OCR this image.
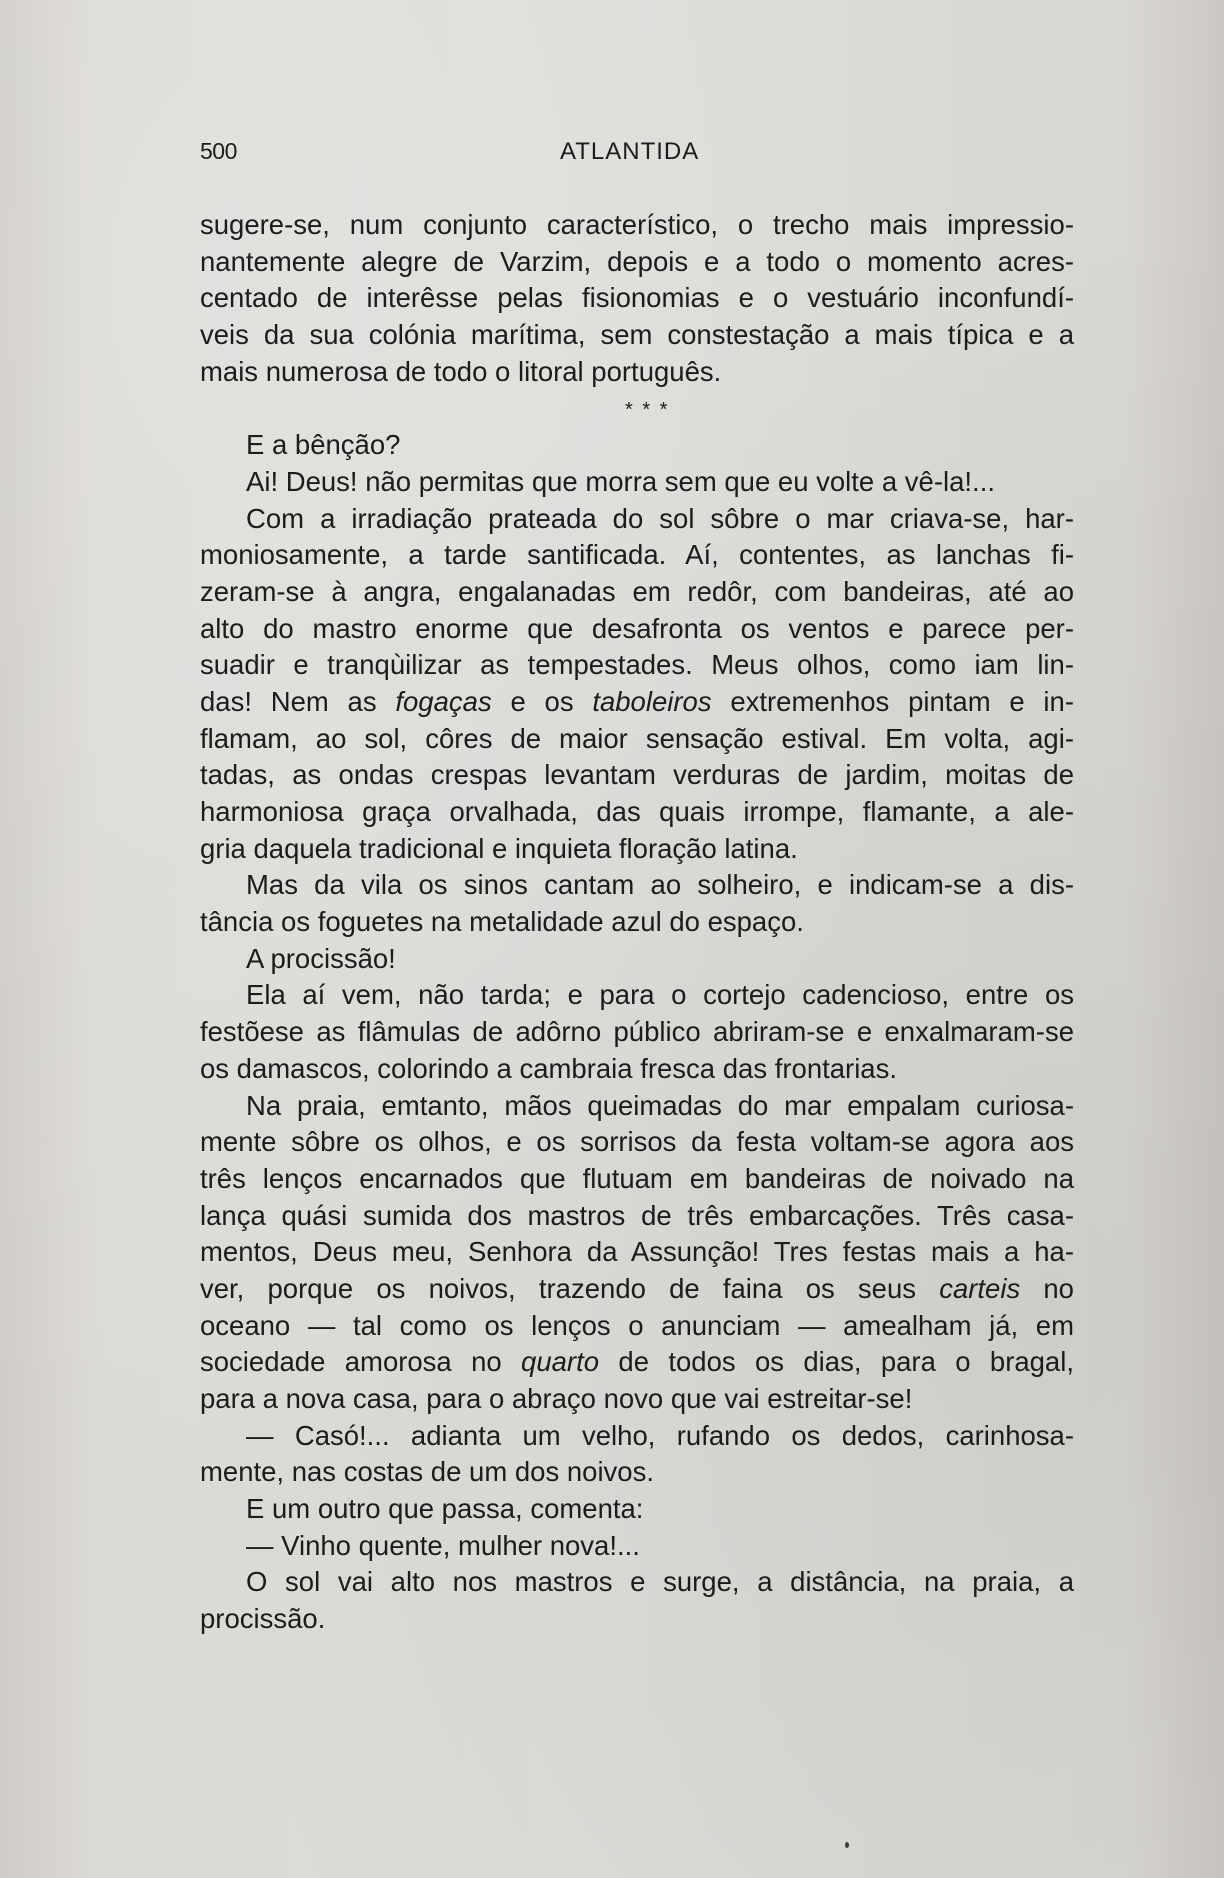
500	ATLANTIDA
sugere-se, num conjunto característico, o trecho mais impressio-
nantemente alegre de Varzim, depois e a todo o momento acres-
centado de interêsse pelas fisionomias e o vestuário inconfundí-
veis da sua colónia marítima, sem constestação a mais típica e a
mais numerosa de todo o litoral português.
* * *
E a bênção?
Ai! Deus! não permitas que morra sem que eu volte a vê-la!...
Com a irradiação prateada do sol sôbre o mar criava-se, har-
moniosamente, a tarde santificada. Aí, contentes, as lanchas fi-
zeram-se à angra, engalanadas em redôr, com bandeiras, até ao
alto do mastro enorme que desafronta os ventos e parece per-
suadir e tranqùilizar as tempestades. Meus olhos, como iam lin-
das! Nem as fogaças e os taboleiros extremenhos pintam e in-
flamam, ao sol, côres de maior sensação estival. Em volta, agi-
tadas, as ondas crespas levantam verduras de jardim, moitas de
harmoniosa graça orvalhada, das quais irrompe, flamante, a ale-
gria daquela tradicional e inquieta floração latina.
Mas da vila os sinos cantam ao solheiro, e indicam-se a dis-
tância os foguetes na metalidade azul do espaço.
A procissão!
Ela aí vem, não tarda; e para o cortejo cadencioso, entre os
festõese as flâmulas de adôrno público abriram-se e enxalmaram-se
os damascos, colorindo a cambraia fresca das frontarias.
Na praia, emtanto, mãos queimadas do mar empalam curiosa-
mente sôbre os olhos, e os sorrisos da festa voltam-se agora aos
três lenços encarnados que flutuam em bandeiras de noivado na
lança quási sumida dos mastros de três embarcações. Três casa-
mentos, Deus meu, Senhora da Assunção! Tres festas mais a ha-
ver, porque os noivos, trazendo de faina os seus carteis no
oceano — tal como os lenços o anunciam — amealham já, em
sociedade amorosa no quarto de todos os dias, para o bragal,
para a nova casa, para o abraço novo que vai estreitar-se!
— Casó!... adianta um velho, rufando os dedos, carinhosa-
mente, nas costas de um dos noivos.
E um outro que passa, comenta:
— Vinho quente, mulher nova!...
O sol vai alto nos mastros e surge, a distância, na praia, a
procissão.
